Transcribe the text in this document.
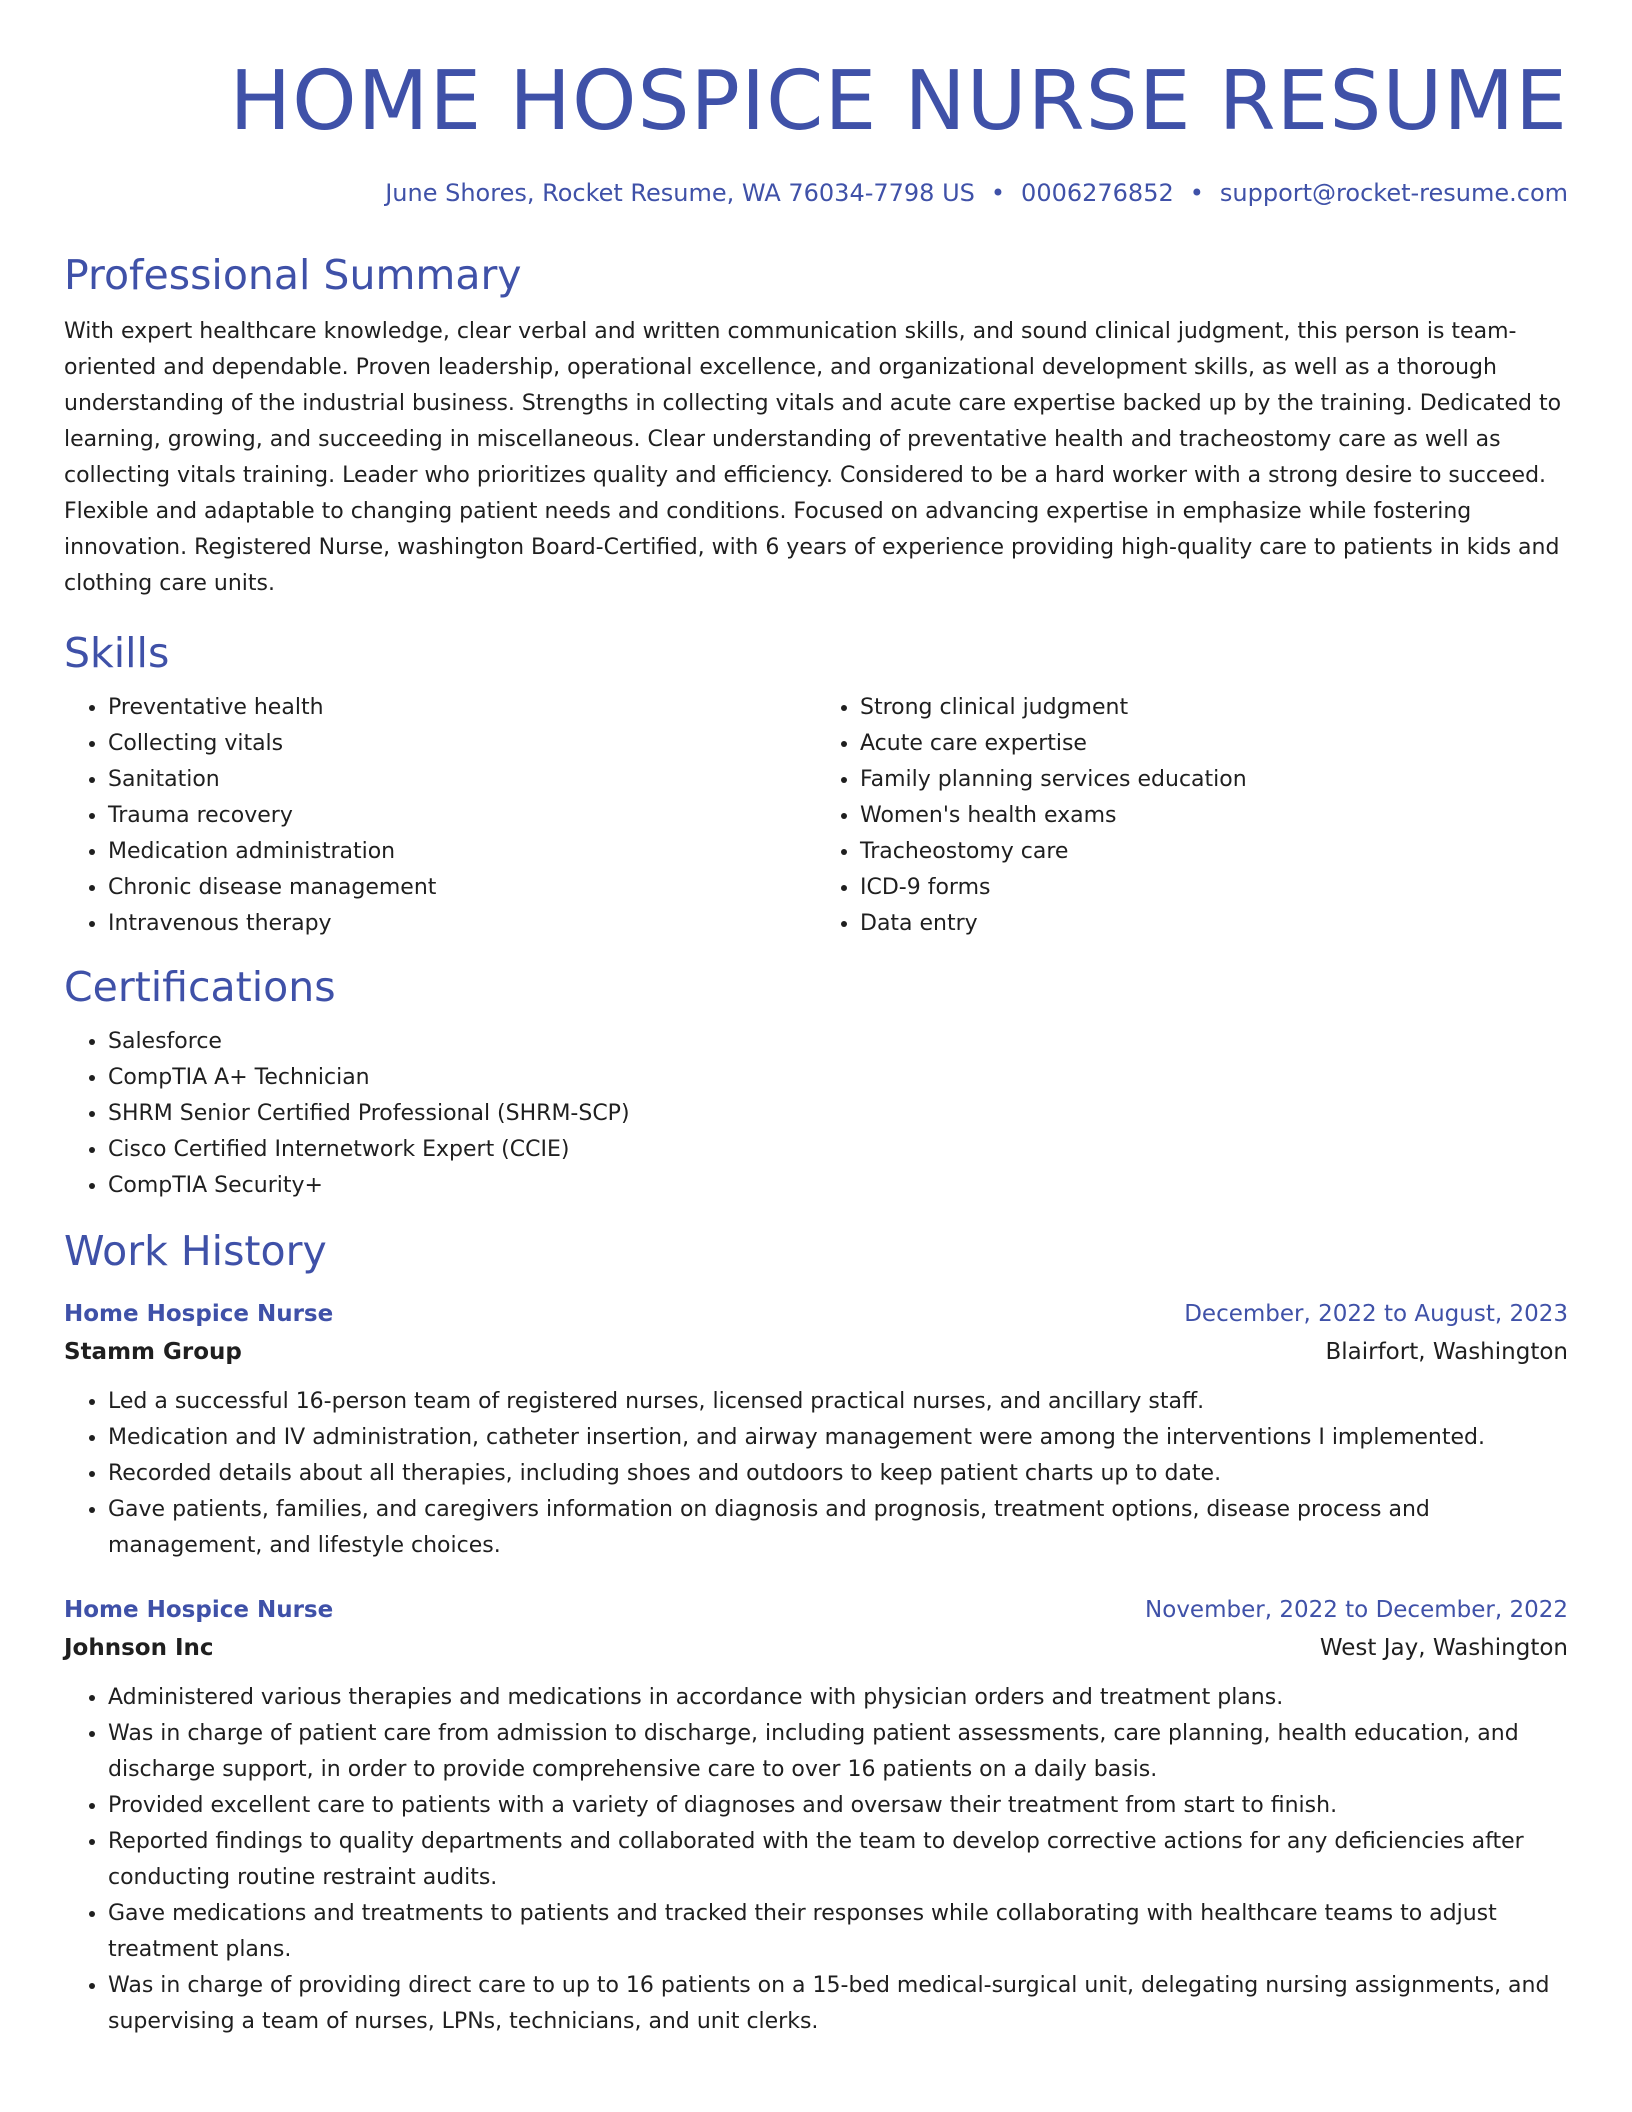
HOME HOSPICE NURSE RESUME
June Shores, Rocket Resume, WA 76034-7798 US • 0006276852 • support@rocket-resume.com
Professional Summary

With expert healthcare knowledge, clear verbal and written communication skills, and sound clinical judgment, this person is team-oriented and dependable. Proven leadership, operational excellence, and organizational development skills, as well as a thorough understanding of the industrial business. Strengths in collecting vitals and acute care expertise backed up by the training. Dedicated to learning, growing, and succeeding in miscellaneous. Clear understanding of preventative health and tracheostomy care as well as collecting vitals training. Leader who prioritizes quality and efficiency. Considered to be a hard worker with a strong desire to succeed. Flexible and adaptable to changing patient needs and conditions. Focused on advancing expertise in emphasize while fostering innovation. Registered Nurse, washington Board-Certified, with 6 years of experience providing high-quality care to patients in kids and clothing care units.

Skills
• Preventative health
• Collecting vitals
• Sanitation
• Trauma recovery
• Medication administration
• Chronic disease management
• Intravenous therapy
• Strong clinical judgment
• Acute care expertise
• Family planning services education
• Women's health exams
• Tracheostomy care
• ICD-9 forms
• Data entry
Certifications
• Salesforce
• CompTIA A+ Technician
• SHRM Senior Certified Professional (SHRM-SCP)
• Cisco Certified Internetwork Expert (CCIE)
• CompTIA Security+
Work History
Home Hospice Nurse	December, 2022 to August, 2023
Stamm Group	Blairfort, Washington
• Led a successful 16-person team of registered nurses, licensed practical nurses, and ancillary staff.
• Medication and IV administration, catheter insertion, and airway management were among the interventions I implemented.
• Recorded details about all therapies, including shoes and outdoors to keep patient charts up to date.
• Gave patients, families, and caregivers information on diagnosis and prognosis, treatment options, disease process and management, and lifestyle choices.
Home Hospice Nurse	November, 2022 to December, 2022
Johnson Inc	West Jay, Washington
• Administered various therapies and medications in accordance with physician orders and treatment plans.
• Was in charge of patient care from admission to discharge, including patient assessments, care planning, health education, and discharge support, in order to provide comprehensive care to over 16 patients on a daily basis.
• Provided excellent care to patients with a variety of diagnoses and oversaw their treatment from start to finish.
• Reported findings to quality departments and collaborated with the team to develop corrective actions for any deficiencies after conducting routine restraint audits.
• Gave medications and treatments to patients and tracked their responses while collaborating with healthcare teams to adjust treatment plans.
• Was in charge of providing direct care to up to 16 patients on a 15-bed medical-surgical unit, delegating nursing assignments, and supervising a team of nurses, LPNs, technicians, and unit clerks.
